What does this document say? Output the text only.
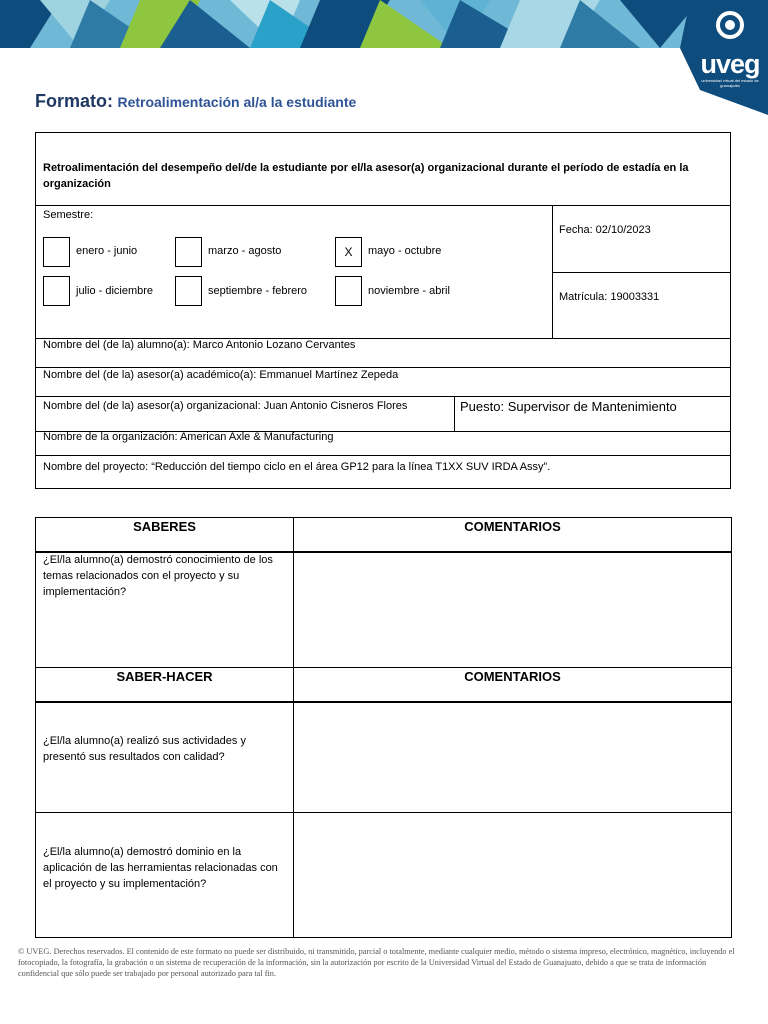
uveg
universidad virtual del estado de guanajuato
Formato: Retroalimentación al/a la estudiante
Retroalimentación del desempeño del/de la estudiante por el/la asesor(a) organizacional durante el período de estadía en la organización
Semestre:
enero - junio	marzo - agosto	X	mayo - octubre
julio - diciembre	septiembre - febrero	noviembre - abril
Fecha: 02/10/2023
Matrícula: 19003331
Nombre del (de la) alumno(a): Marco Antonio Lozano Cervantes
Nombre del (de la) asesor(a) académico(a): Emmanuel Martínez Zepeda
Nombre del (de la) asesor(a) organizacional: Juan Antonio Cisneros Flores	Puesto: Supervisor de Mantenimiento
Nombre de la organización: American Axle & Manufacturing
Nombre del proyecto: “Reducción del tiempo ciclo en el área GP12 para la línea T1XX SUV IRDA Assy”.
SABERES	COMENTARIOS
¿El/la alumno(a) demostró conocimiento de los temas relacionados con el proyecto y su implementación?
SABER-HACER	COMENTARIOS
¿El/la alumno(a) realizó sus actividades y presentó sus resultados con calidad?
¿El/la alumno(a) demostró dominio en la aplicación de las herramientas relacionadas con el proyecto y su implementación?
© UVEG. Derechos reservados. El contenido de este formato no puede ser distribuido, ni transmitido, parcial o totalmente, mediante cualquier medio, método o sistema impreso, electrónico, magnético, incluyendo el fotocopiado, la fotografía, la grabación o un sistema de recuperación de la información, sin la autorización por escrito de la Universidad Virtual del Estado de Guanajuato, debido a que se trata de información confidencial que sólo puede ser trabajado por personal autorizado para tal fin.
